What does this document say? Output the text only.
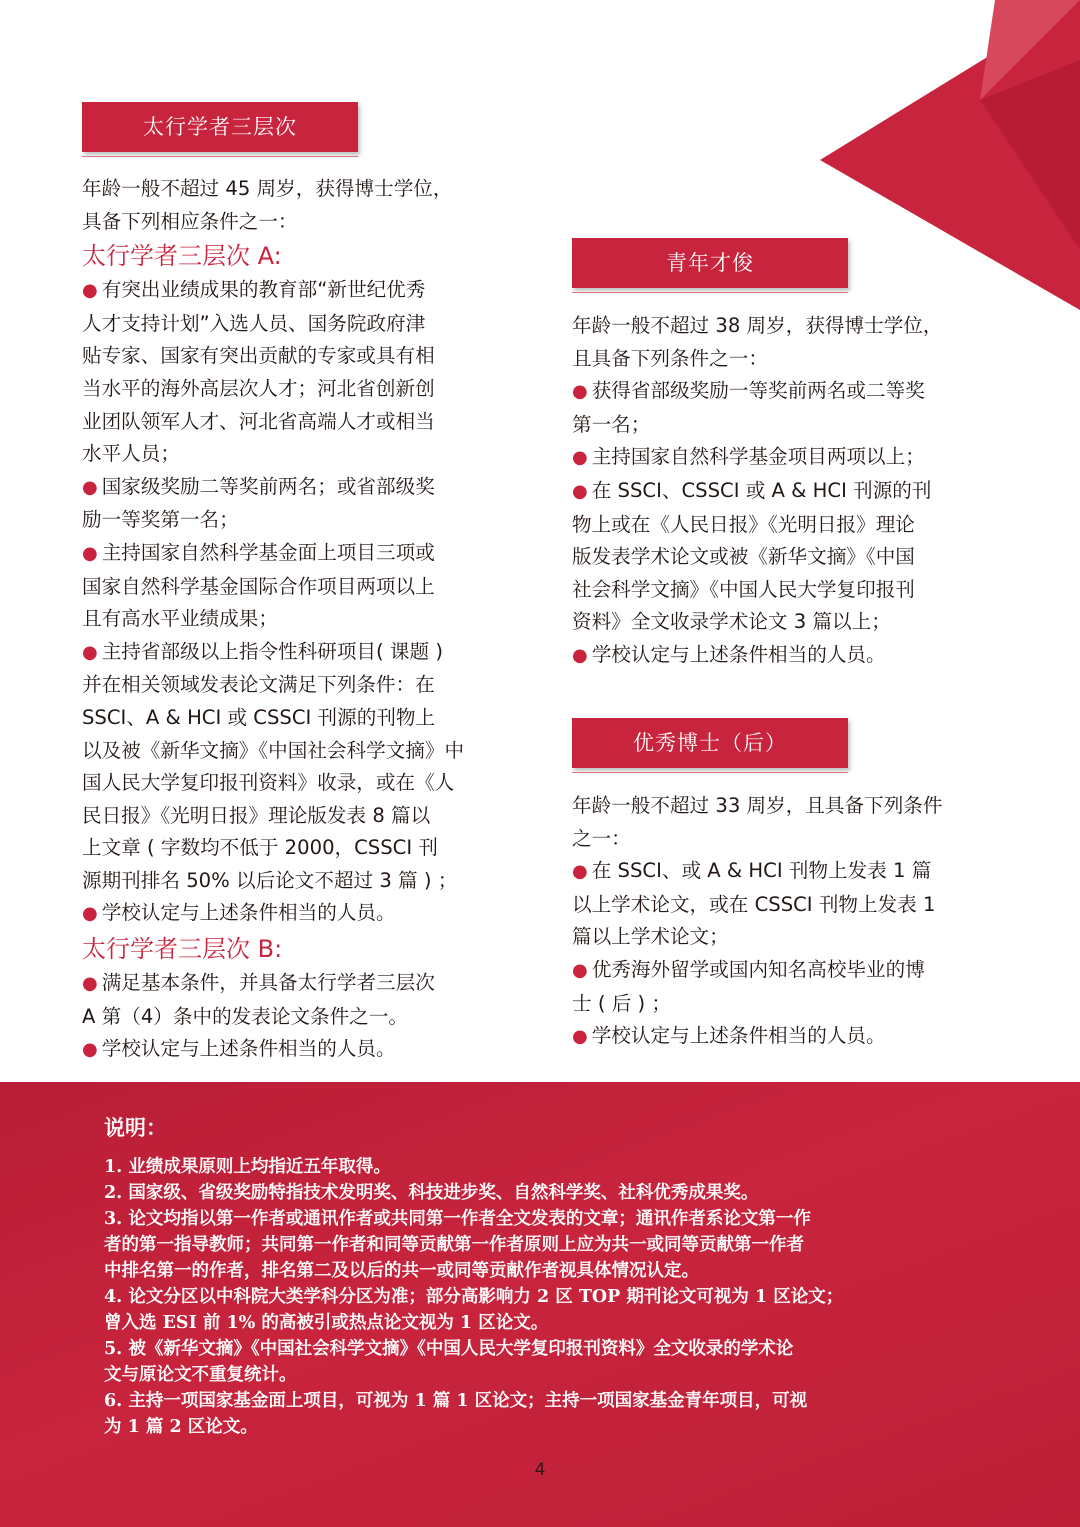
太行学者三层次

年龄一般不超过 45 周岁，获得博士学位，

具备下列相应条件之一：

太行学者三层次 A:

● 有突出业绩成果的教育部“新世纪优秀

人才支持计划”入选人员、国务院政府津

贴专家、国家有突出贡献的专家或具有相

当水平的海外高层次人才；河北省创新创

业团队领军人才、河北省高端人才或相当

水平人员；

● 国家级奖励二等奖前两名；或省部级奖

励一等奖第一名；

● 主持国家自然科学基金面上项目三项或

国家自然科学基金国际合作项目两项以上

且有高水平业绩成果；

● 主持省部级以上指令性科研项目( 课题 )

并在相关领域发表论文满足下列条件：在

SSCI、A & HCI 或 CSSCI 刊源的刊物上

以及被《新华文摘》《中国社会科学文摘》中

国人民大学复印报刊资料》收录，或在《人

民日报》《光明日报》理论版发表 8 篇以

上文章 ( 字数均不低于 2000，CSSCI 刊

源期刊排名 50% 以后论文不超过 3 篇 ) ；

● 学校认定与上述条件相当的人员。

太行学者三层次 B:

● 满足基本条件，并具备太行学者三层次

A 第（4）条中的发表论文条件之一。

● 学校认定与上述条件相当的人员。

青年才俊

年龄一般不超过 38 周岁，获得博士学位，

且具备下列条件之一：

● 获得省部级奖励一等奖前两名或二等奖

第一名；

● 主持国家自然科学基金项目两项以上；

● 在 SSCI、CSSCI 或 A & HCI 刊源的刊

物上或在《人民日报》《光明日报》理论

版发表学术论文或被《新华文摘》《中国

社会科学文摘》《中国人民大学复印报刊

资料》全文收录学术论文 3 篇以上；

● 学校认定与上述条件相当的人员。

优秀博士（后）

年龄一般不超过 33 周岁，且具备下列条件

之一：

● 在 SSCI、或 A & HCI 刊物上发表 1 篇

以上学术论文，或在 CSSCI 刊物上发表 1

篇以上学术论文；

● 优秀海外留学或国内知名高校毕业的博

士 ( 后 ) ；

● 学校认定与上述条件相当的人员。

说明：

1. 业绩成果原则上均指近五年取得。

2. 国家级、省级奖励特指技术发明奖、科技进步奖、自然科学奖、社科优秀成果奖。

3. 论文均指以第一作者或通讯作者或共同第一作者全文发表的文章；通讯作者系论文第一作

者的第一指导教师；共同第一作者和同等贡献第一作者原则上应为共一或同等贡献第一作者

中排名第一的作者，排名第二及以后的共一或同等贡献作者视具体情况认定。

4. 论文分区以中科院大类学科分区为准；部分高影响力 2 区 TOP 期刊论文可视为 1 区论文；

曾入选 ESI 前 1% 的高被引或热点论文视为 1 区论文。

5. 被《新华文摘》《中国社会科学文摘》《中国人民大学复印报刊资料》全文收录的学术论

文与原论文不重复统计。

6. 主持一项国家基金面上项目，可视为 1 篇 1 区论文；主持一项国家基金青年项目，可视

为 1 篇 2 区论文。

4
